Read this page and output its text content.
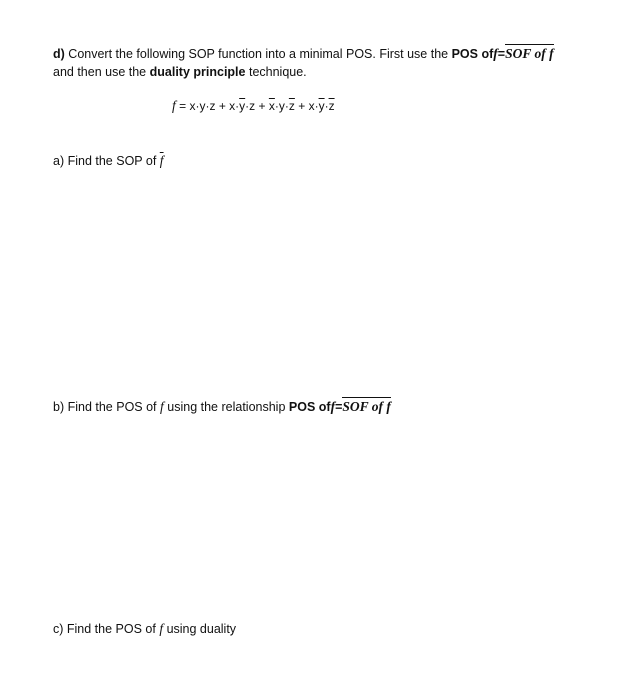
d) Convert the following SOP function into a minimal POS. First use the POS off=SOF of f
and then use the duality principle technique.
$f = x\cdot y\cdot z + x\cdot\overline{y}\cdot z + \overline{x}\cdot y\cdot\overline{z} + x\cdot\overline{y}\cdot\overline{z}$
a) Find the SOP of $\overline{f}$
b) Find the POS of f using the relationship POS off=SOF of f
c) Find the POS of f using duality
